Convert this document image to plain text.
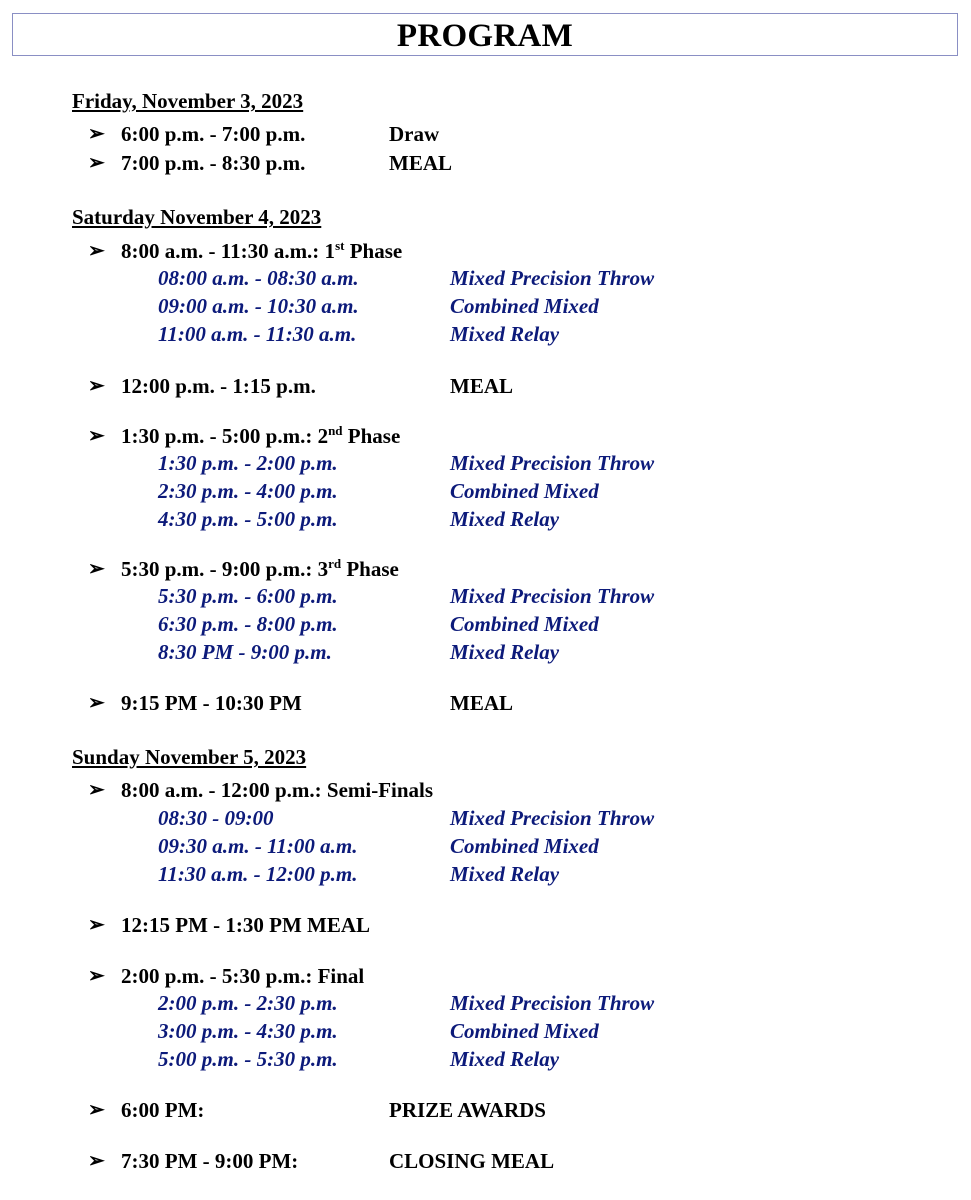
PROGRAM
Friday, November 3, 2023
➢ 6:00 p.m. - 7:00 p.m.	Draw
➢ 7:00 p.m. - 8:30 p.m.	MEAL
Saturday November 4, 2023
➢ 8:00 a.m. - 11:30 a.m.: 1st Phase
08:00 a.m. - 08:30 a.m.	Mixed Precision Throw
09:00 a.m. - 10:30 a.m.	Combined Mixed
11:00 a.m. - 11:30 a.m.	Mixed Relay
➢ 12:00 p.m. - 1:15 p.m.	MEAL
➢ 1:30 p.m. - 5:00 p.m.: 2nd Phase
1:30 p.m. - 2:00 p.m.	Mixed Precision Throw
2:30 p.m. - 4:00 p.m.	Combined Mixed
4:30 p.m. - 5:00 p.m.	Mixed Relay
➢ 5:30 p.m. - 9:00 p.m.: 3rd Phase
5:30 p.m. - 6:00 p.m.	Mixed Precision Throw
6:30 p.m. - 8:00 p.m.	Combined Mixed
8:30 PM - 9:00 p.m.	Mixed Relay
➢ 9:15 PM - 10:30 PM	MEAL
Sunday November 5, 2023
➢ 8:00 a.m. - 12:00 p.m.: Semi-Finals
08:30 - 09:00	Mixed Precision Throw
09:30 a.m. - 11:00 a.m.	Combined Mixed
11:30 a.m. - 12:00 p.m.	Mixed Relay
➢ 12:15 PM - 1:30 PM MEAL
➢ 2:00 p.m. - 5:30 p.m.: Final
2:00 p.m. - 2:30 p.m.	Mixed Precision Throw
3:00 p.m. - 4:30 p.m.	Combined Mixed
5:00 p.m. - 5:30 p.m.	Mixed Relay
➢ 6:00 PM:	PRIZE AWARDS
➢ 7:30 PM - 9:00 PM:	CLOSING MEAL
